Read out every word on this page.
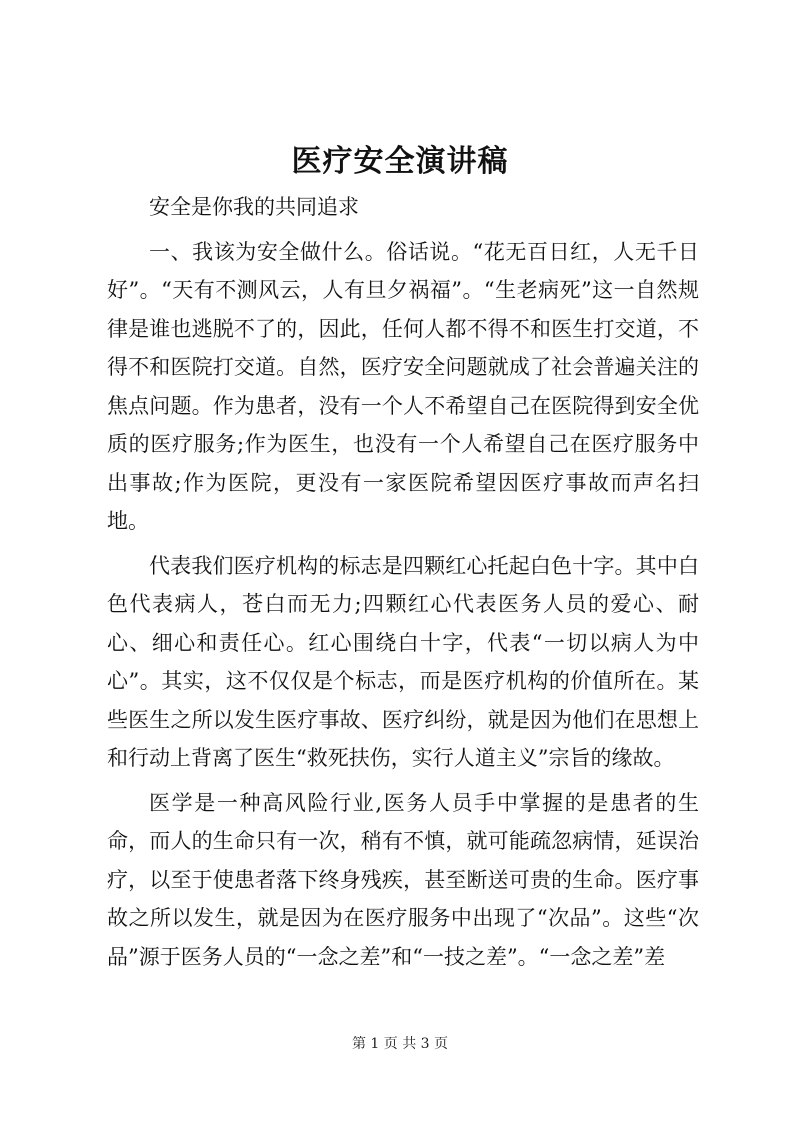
医疗安全演讲稿

安全是你我的共同追求

一、我该为安全做什么。俗话说。“花无百日红，人无千日好”。“天有不测风云，人有旦夕祸福”。“生老病死”这一自然规律是谁也逃脱不了的，因此，任何人都不得不和医生打交道，不得不和医院打交道。自然，医疗安全问题就成了社会普遍关注的焦点问题。作为患者，没有一个人不希望自己在医院得到安全优质的医疗服务;作为医生，也没有一个人希望自己在医疗服务中出事故;作为医院，更没有一家医院希望因医疗事故而声名扫地。

代表我们医疗机构的标志是四颗红心托起白色十字。其中白色代表病人，苍白而无力;四颗红心代表医务人员的爱心、耐心、细心和责任心。红心围绕白十字，代表“一切以病人为中心”。其实，这不仅仅是个标志，而是医疗机构的价值所在。某些医生之所以发生医疗事故、医疗纠纷，就是因为他们在思想上和行动上背离了医生“救死扶伤，实行人道主义”宗旨的缘故。

医学是一种高风险行业,医务人员手中掌握的是患者的生命，而人的生命只有一次，稍有不慎，就可能疏忽病情，延误治疗，以至于使患者落下终身残疾，甚至断送可贵的生命。医疗事故之所以发生，就是因为在医疗服务中出现了“次品”。这些“次品”源于医务人员的“一念之差”和“一技之差”。“一念之差”差

第 1 页 共 3 页
